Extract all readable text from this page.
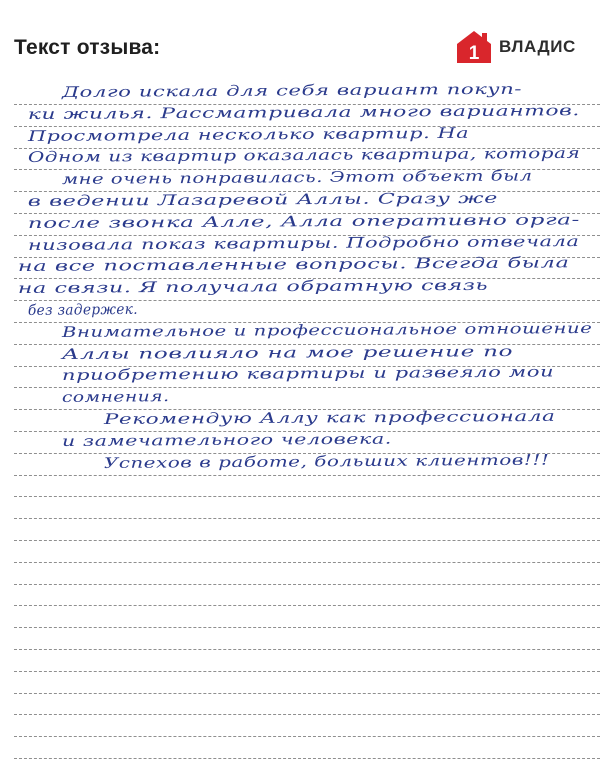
Текст отзыва:	1 ВЛАДИС
Долго искала для себя вариант покуп-
ки жилья. Рассматривала много вариантов.
Просмотрела несколько квартир. На
Одном из квартир оказалась квартира, которая
мне очень понравилась. Этот объект был
в ведении Лазаревой Аллы. Сразу же
после звонка Алле, Алла оперативно орга-
низовала показ квартиры. Подробно отвечала
на все поставленные вопросы. Всегда была
на связи. Я получала обратную связь
без задержек.
Внимательное и профессиональное отношение
Аллы повлияло на мое решение по
приобретению квартиры и развеяло мои
сомнения.
Рекомендую Аллу как профессионала
и замечательного человека.
Успехов в работе, больших клиентов!!!
